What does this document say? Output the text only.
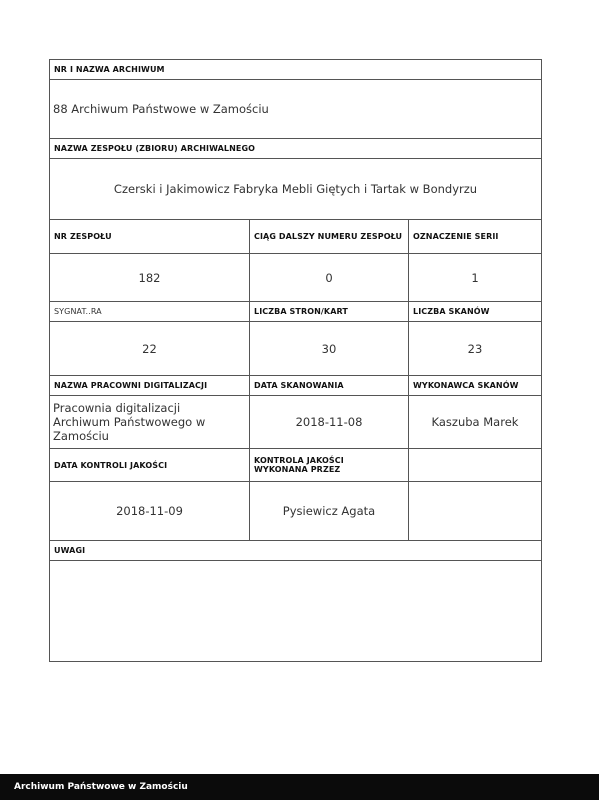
NR I NAZWA ARCHIWUM
88 Archiwum Państwowe w Zamościu
NAZWA ZESPOŁU (ZBIORU) ARCHIWALNEGO
Czerski i Jakimowicz Fabryka Mebli Giętych i Tartak w Bondyrzu
NR ZESPOŁU	CIĄG DALSZY NUMERU ZESPOŁU	OZNACZENIE SERII
182	0	1
SYGNAT..RA	LICZBA STRON/KART	LICZBA SKANÓW
22	30	23
NAZWA PRACOWNI DIGITALIZACJI	DATA SKANOWANIA	WYKONAWCA SKANÓW
Pracownia digitalizacji
Archiwum Państwowego w Zamościu
2018-11-08	Kaszuba Marek
DATA KONTROLI JAKOŚCI	KONTROLA JAKOŚCI
WYKONANA PRZEZ
2018-11-09	Pysiewicz Agata
UWAGI
Archiwum Państwowe w Zamościu
